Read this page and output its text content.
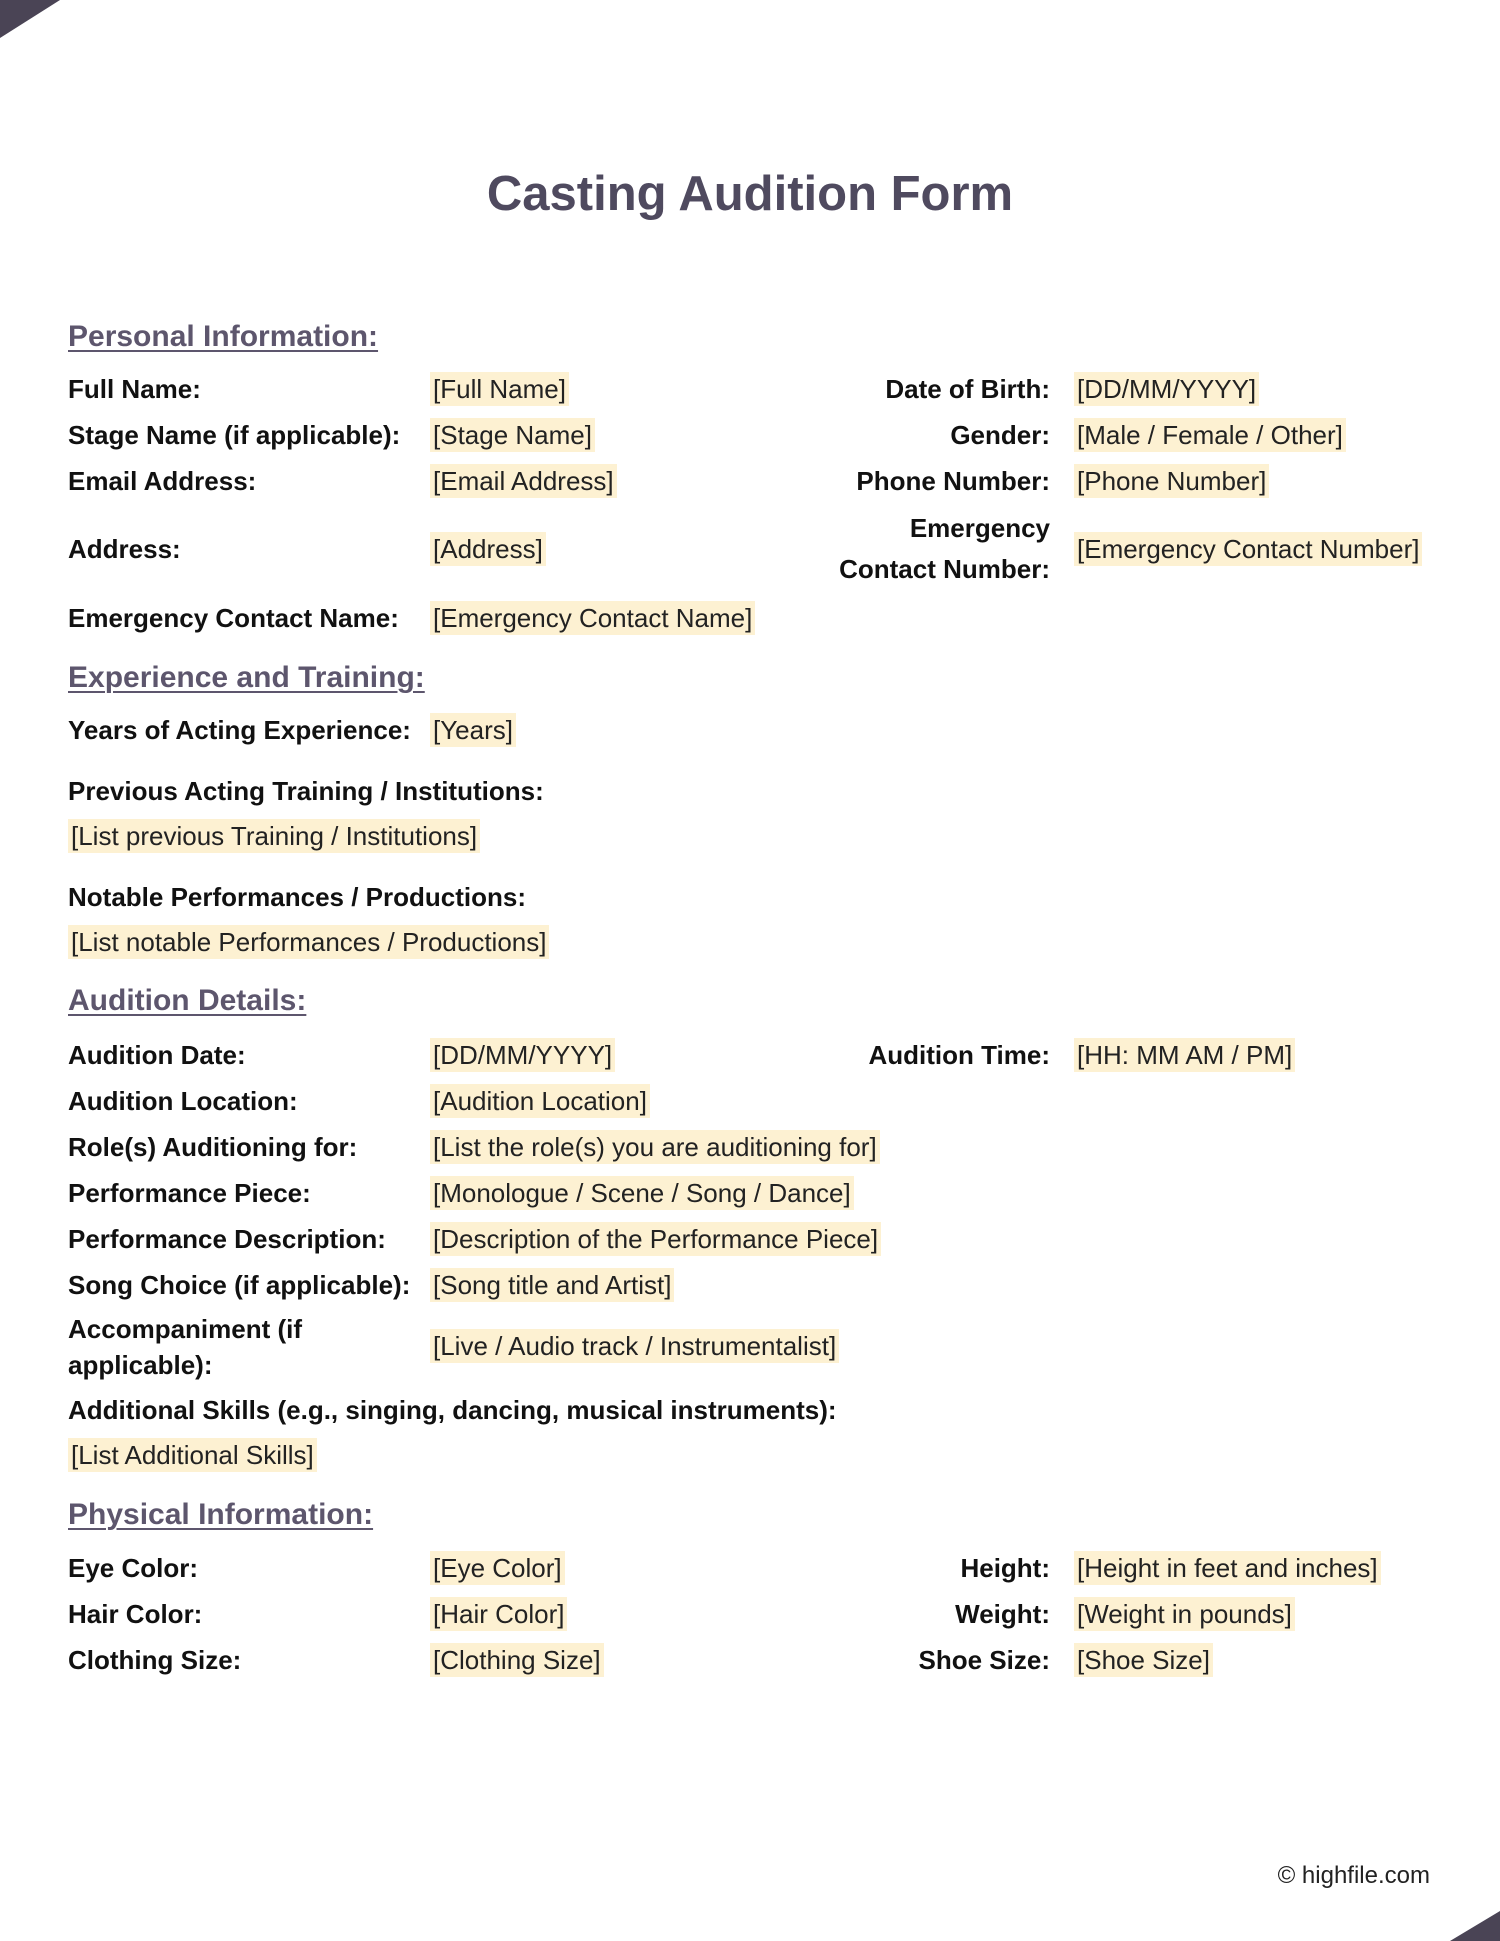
Casting Audition Form
Personal Information:
Full Name:	[Full Name]	Date of Birth: [DD/MM/YYYY]
Stage Name (if applicable): [Stage Name]	Gender: [Male / Female / Other]
Email Address:	[Email Address]	Phone Number: [Phone Number]
Address:	[Address]
Emergency
Contact Number:
[Emergency Contact Number]
Emergency Contact Name: [Emergency Contact Name]
Experience and Training:
Years of Acting Experience: [Years]
Previous Acting Training / Institutions:
[List previous Training / Institutions]
Notable Performances / Productions:
[List notable Performances / Productions]
Audition Details:
Audition Date:	[DD/MM/YYYY]	Audition Time: [HH: MM AM / PM]
Audition Location:	[Audition Location]
Role(s) Auditioning for:	[List the role(s) you are auditioning for]
Performance Piece:	[Monologue / Scene / Song / Dance]
Performance Description: [Description of the Performance Piece]
Song Choice (if applicable): [Song title and Artist]
Accompaniment (if applicable):
[Live / Audio track / Instrumentalist]
Additional Skills (e.g., singing, dancing, musical instruments):
[List Additional Skills]
Physical Information:
Eye Color:	[Eye Color]	Height: [Height in feet and inches]
Hair Color:	[Hair Color]	Weight: [Weight in pounds]
Clothing Size:	[Clothing Size]	Shoe Size: [Shoe Size]
© highfile.com
